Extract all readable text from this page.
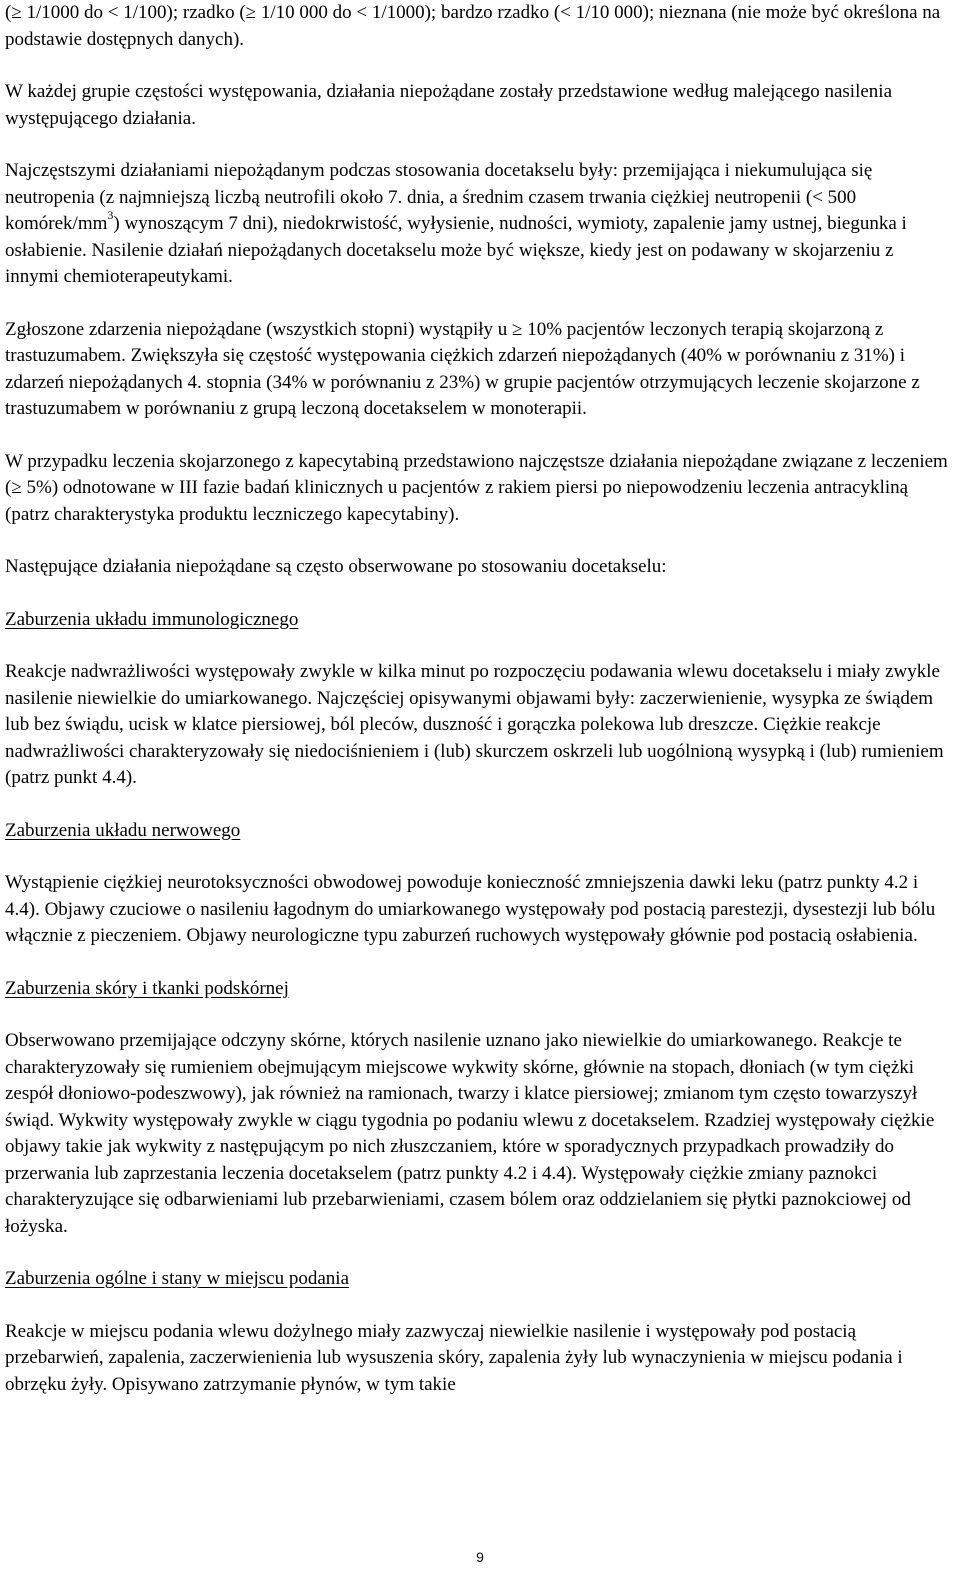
(≥ 1/1000 do < 1/100); rzadko (≥ 1/10 000 do < 1/1000); bardzo rzadko (< 1/10 000); nieznana (nie może być określona na podstawie dostępnych danych).

W każdej grupie częstości występowania, działania niepożądane zostały przedstawione według malejącego nasilenia występującego działania.

Najczęstszymi działaniami niepożądanym podczas stosowania docetakselu były: przemijająca i niekumulująca się neutropenia (z najmniejszą liczbą neutrofili około 7. dnia, a średnim czasem trwania ciężkiej neutropenii (< 500 komórek/$mm^3$) wynoszącym 7 dni), niedokrwistość, wyłysienie, nudności, wymioty, zapalenie jamy ustnej, biegunka i osłabienie. Nasilenie działań niepożądanych docetakselu może być większe, kiedy jest on podawany w skojarzeniu z innymi chemioterapeutykami.

Zgłoszone zdarzenia niepożądane (wszystkich stopni) wystąpiły u ≥ 10% pacjentów leczonych terapią skojarzoną z trastuzumabem. Zwiększyła się częstość występowania ciężkich zdarzeń niepożądanych (40% w porównaniu z 31%) i zdarzeń niepożądanych 4. stopnia (34% w porównaniu z 23%) w grupie pacjentów otrzymujących leczenie skojarzone z trastuzumabem w porównaniu z grupą leczoną docetakselem w monoterapii.

W przypadku leczenia skojarzonego z kapecytabiną przedstawiono najczęstsze działania niepożądane związane z leczeniem (≥ 5%) odnotowane w III fazie badań klinicznych u pacjentów z rakiem piersi po niepowodzeniu leczenia antracykliną (patrz charakterystyka produktu leczniczego kapecytabiny).

Następujące działania niepożądane są często obserwowane po stosowaniu docetakselu:

Zaburzenia układu immunologicznego

Reakcje nadwrażliwości występowały zwykle w kilka minut po rozpoczęciu podawania wlewu docetakselu i miały zwykle nasilenie niewielkie do umiarkowanego. Najczęściej opisywanymi objawami były: zaczerwienienie, wysypka ze świądem lub bez świądu, ucisk w klatce piersiowej, ból pleców, duszność i gorączka polekowa lub dreszcze. Ciężkie reakcje nadwrażliwości charakteryzowały się niedociśnieniem i (lub) skurczem oskrzeli lub uogólnioną wysypką i (lub) rumieniem (patrz punkt 4.4).

Zaburzenia układu nerwowego

Wystąpienie ciężkiej neurotoksyczności obwodowej powoduje konieczność zmniejszenia dawki leku (patrz punkty 4.2 i 4.4). Objawy czuciowe o nasileniu łagodnym do umiarkowanego występowały pod postacią parestezji, dysestezji lub bólu włącznie z pieczeniem. Objawy neurologiczne typu zaburzeń ruchowych występowały głównie pod postacią osłabienia.

Zaburzenia skóry i tkanki podskórnej

Obserwowano przemijające odczyny skórne, których nasilenie uznano jako niewielkie do umiarkowanego. Reakcje te charakteryzowały się rumieniem obejmującym miejscowe wykwity skórne, głównie na stopach, dłoniach (w tym ciężki zespół dłoniowo-podeszwowy), jak również na ramionach, twarzy i klatce piersiowej; zmianom tym często towarzyszył świąd. Wykwity występowały zwykle w ciągu tygodnia po podaniu wlewu z docetakselem. Rzadziej występowały ciężkie objawy takie jak wykwity z następującym po nich złuszczaniem, które w sporadycznych przypadkach prowadziły do przerwania lub zaprzestania leczenia docetakselem (patrz punkty 4.2 i 4.4). Występowały ciężkie zmiany paznokci charakteryzujące się odbarwieniami lub przebarwieniami, czasem bólem oraz oddzielaniem się płytki paznokciowej od łożyska.

Zaburzenia ogólne i stany w miejscu podania

Reakcje w miejscu podania wlewu dożylnego miały zazwyczaj niewielkie nasilenie i występowały pod postacią przebarwień, zapalenia, zaczerwienienia lub wysuszenia skóry, zapalenia żyły lub wynaczynienia w miejscu podania i obrzęku żyły. Opisywano zatrzymanie płynów, w tym takie

9
